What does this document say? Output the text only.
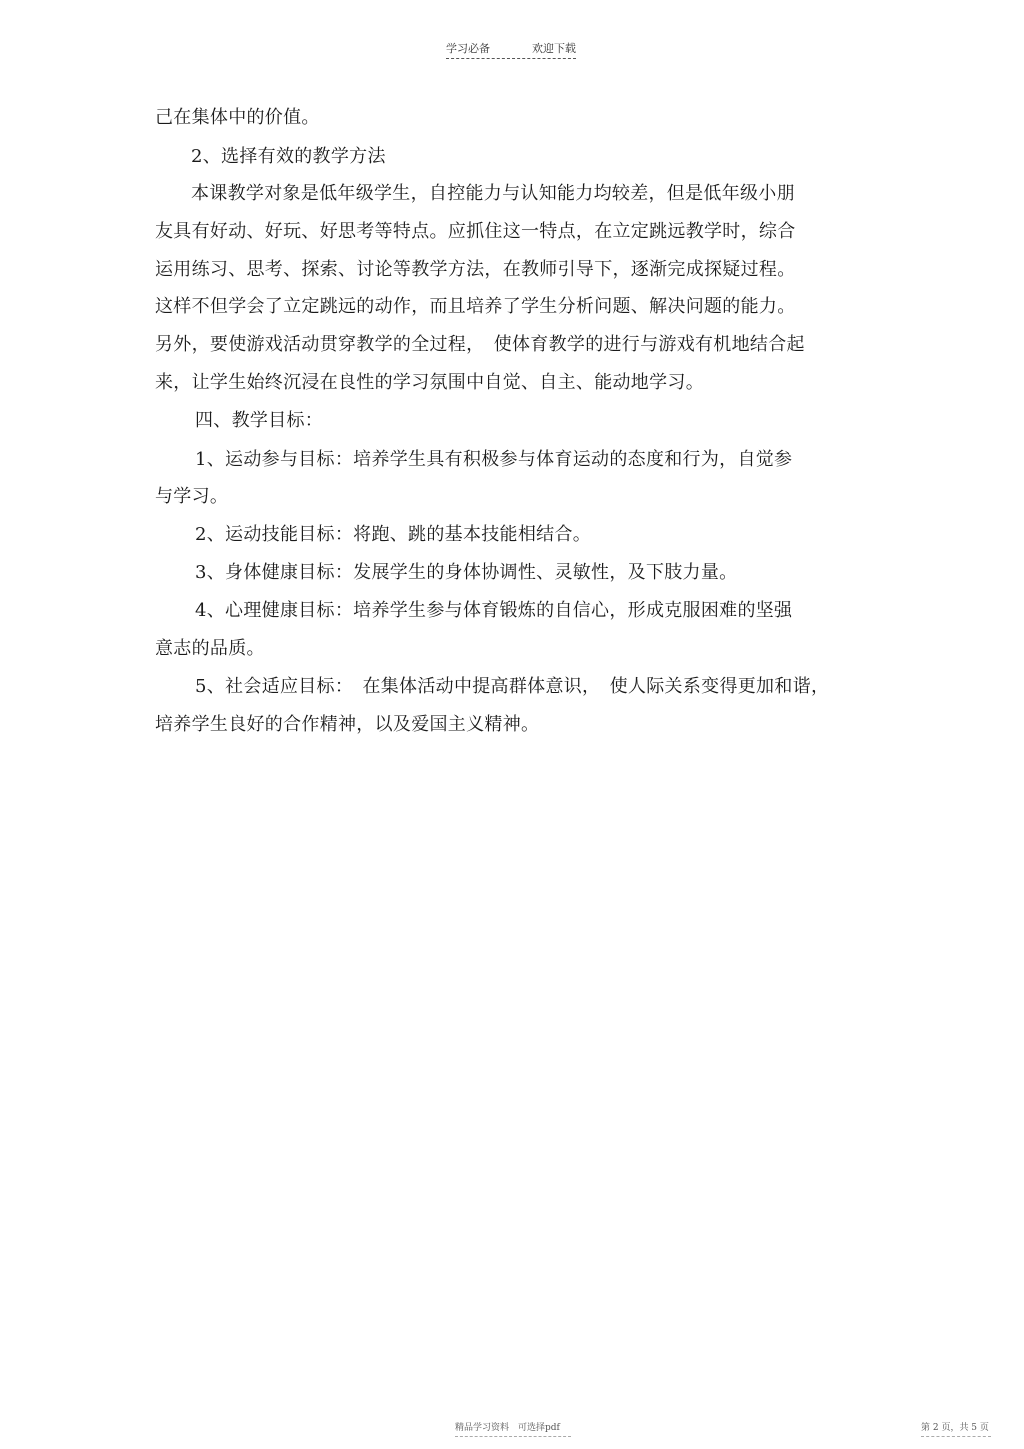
学习必备	欢迎下载
己在集体中的价值。
2、选择有效的教学方法
本课教学对象是低年级学生，自控能力与认知能力均较差，但是低年级小朋
友具有好动、好玩、好思考等特点。应抓住这一特点，在立定跳远教学时，综合
运用练习、思考、探索、讨论等教学方法，在教师引导下，逐渐完成探疑过程。
这样不但学会了立定跳远的动作，而且培养了学生分析问题、解决问题的能力。
另外，要使游戏活动贯穿教学的全过程，　使体育教学的进行与游戏有机地结合起
来，让学生始终沉浸在良性的学习氛围中自觉、自主、能动地学习。
四、教学目标：
1、运动参与目标：培养学生具有积极参与体育运动的态度和行为，自觉参
与学习。
2、运动技能目标：将跑、跳的基本技能相结合。
3、身体健康目标：发展学生的身体协调性、灵敏性，及下肢力量。
4、心理健康目标：培养学生参与体育锻炼的自信心，形成克服困难的坚强
意志的品质。
5、社会适应目标：　在集体活动中提高群体意识，　使人际关系变得更加和谐，
培养学生良好的合作精神，以及爱国主义精神。
精品学习资料　可选择pdf	第 2 页，共 5 页
